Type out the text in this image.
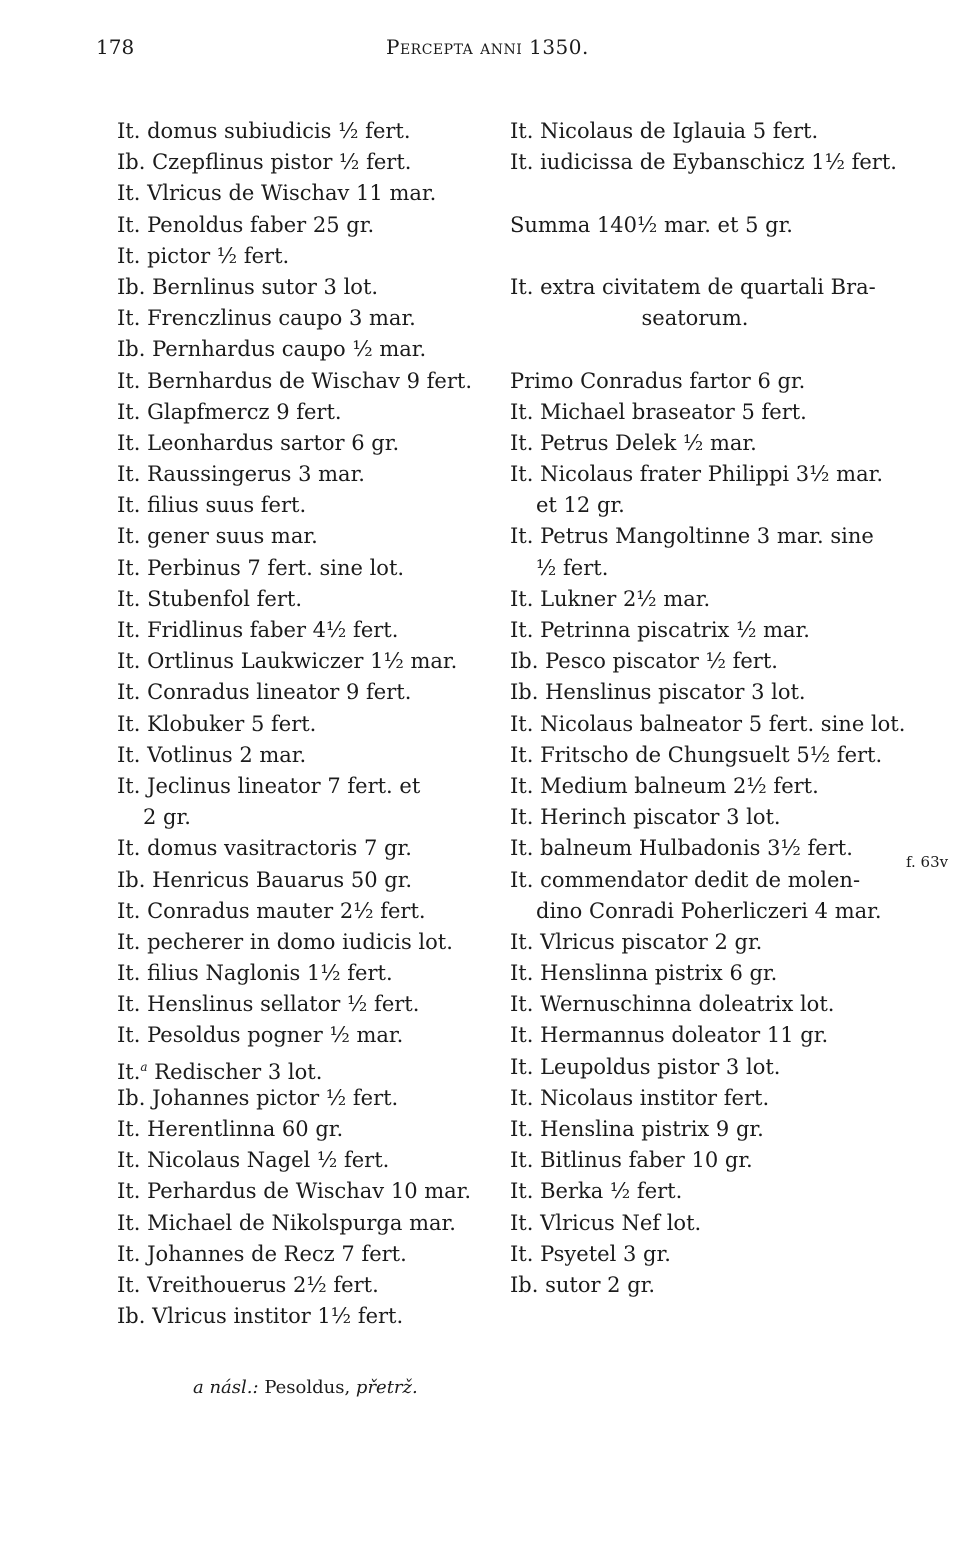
178	Percepta anni 1350.
It. domus subiudicis ½ fert.
Ib. Czepflinus pistor ½ fert.
It. Vlricus de Wischav 11 mar.
It. Penoldus faber 25 gr.
It. pictor ½ fert.
Ib. Bernlinus sutor 3 lot.
It. Frenczlinus caupo 3 mar.
Ib. Pernhardus caupo ½ mar.
It. Bernhardus de Wischav 9 fert.
It. Glapfmercz 9 fert.
It. Leonhardus sartor 6 gr.
It. Raussingerus 3 mar.
It. filius suus fert.
It. gener suus mar.
It. Perbinus 7 fert. sine lot.
It. Stubenfol fert.
It. Fridlinus faber 4½ fert.
It. Ortlinus Laukwiczer 1½ mar.
It. Conradus lineator 9 fert.
It. Klobuker 5 fert.
It. Votlinus 2 mar.
It. Jeclinus lineator 7 fert. et
2 gr.
It. domus vasitractoris 7 gr.
Ib. Henricus Bauarus 50 gr.
It. Conradus mauter 2½ fert.
It. pecherer in domo iudicis lot.
It. filius Naglonis 1½ fert.
It. Henslinus sellator ½ fert.
It. Pesoldus pogner ½ mar.
It.$^a$ Redischer 3 lot.
Ib. Johannes pictor ½ fert.
It. Herentlinna 60 gr.
It. Nicolaus Nagel ½ fert.
It. Perhardus de Wischav 10 mar.
It. Michael de Nikolspurga mar.
It. Johannes de Recz 7 fert.
It. Vreithouerus 2½ fert.
Ib. Vlricus institor 1½ fert.
It. Nicolaus de Iglauia 5 fert.
It. iudicissa de Eybanschicz 1½ fert.
Summa 140½ mar. et 5 gr.
It. extra civitatem de quartali Bra-
seatorum.
Primo Conradus fartor 6 gr.
It. Michael braseator 5 fert.
It. Petrus Delek ½ mar.
It. Nicolaus frater Philippi 3½ mar.
et 12 gr.
It. Petrus Mangoltinne 3 mar. sine
½ fert.
It. Lukner 2½ mar.
It. Petrinna piscatrix ½ mar.
Ib. Pesco piscator ½ fert.
Ib. Henslinus piscator 3 lot.
It. Nicolaus balneator 5 fert. sine lot.
It. Fritscho de Chungsuelt 5½ fert.
It. Medium balneum 2½ fert.
It. Herinch piscator 3 lot.
It. balneum Hulbadonis 3½ fert.
It. commendator dedit de molen-
dino Conradi Poherliczeri 4 mar.
It. Vlricus piscator 2 gr.
It. Henslinna pistrix 6 gr.
It. Wernuschinna doleatrix lot.
It. Hermannus doleator 11 gr.
It. Leupoldus pistor 3 lot.
It. Nicolaus institor fert.
It. Henslina pistrix 9 gr.
It. Bitlinus faber 10 gr.
It. Berka ½ fert.
It. Vlricus Nef lot.
It. Psyetel 3 gr.
Ib. sutor 2 gr.
f. 63v
a násl.: Pesoldus, přetrž.
